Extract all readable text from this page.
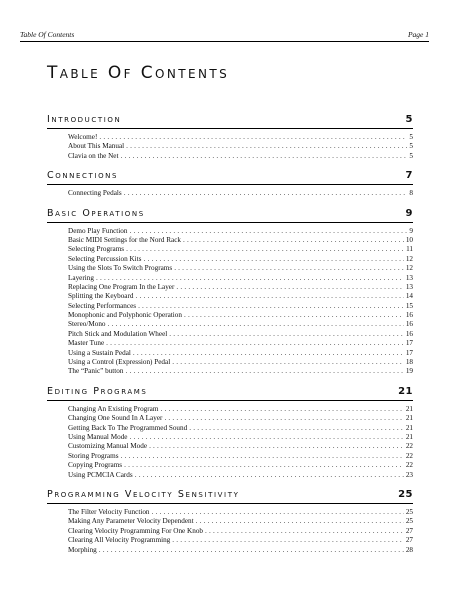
Table Of Contents	Page 1
Table Of Contents
Introduction	5
Welcome! . . .	5
About This Manual . . .	5
Clavia on the Net . . .	5
Connections	7
Connecting Pedals . . .	8
Basic Operations	9
Demo Play Function . . .	9
Basic MIDI Settings for the Nord Rack . . .	10
Selecting Programs . . .	11
Selecting Percussion Kits . . .	12
Using the Slots To Switch Programs . . .	12
Layering . . .	13
Replacing One Program In the Layer . . .	13
Splitting the Keyboard . . .	14
Selecting Performances . . .	15
Monophonic and Polyphonic Operation . . .	16
Stereo/Mono . . .	16
Pitch Stick and Modulation Wheel . . .	16
Master Tune . . .	17
Using a Sustain Pedal . . .	17
Using a Control (Expression) Pedal . . .	18
The “Panic” button . . .	19
Editing Programs	21
Changing An Existing Program . . .	21
Changing One Sound In A Layer . . .	21
Getting Back To The Programmed Sound . . .	21
Using Manual Mode . . .	21
Customizing Manual Mode . . .	22
Storing Programs . . .	22
Copying Programs . . .	22
Using PCMCIA Cards . . .	23
Programming Velocity Sensitivity	25
The Filter Velocity Function . . .	25
Making Any Parameter Velocity Dependent . . .	25
Clearing Velocity Programming For One Knob . . .	27
Clearing All Velocity Programming . . .	27
Morphing . . .	28
